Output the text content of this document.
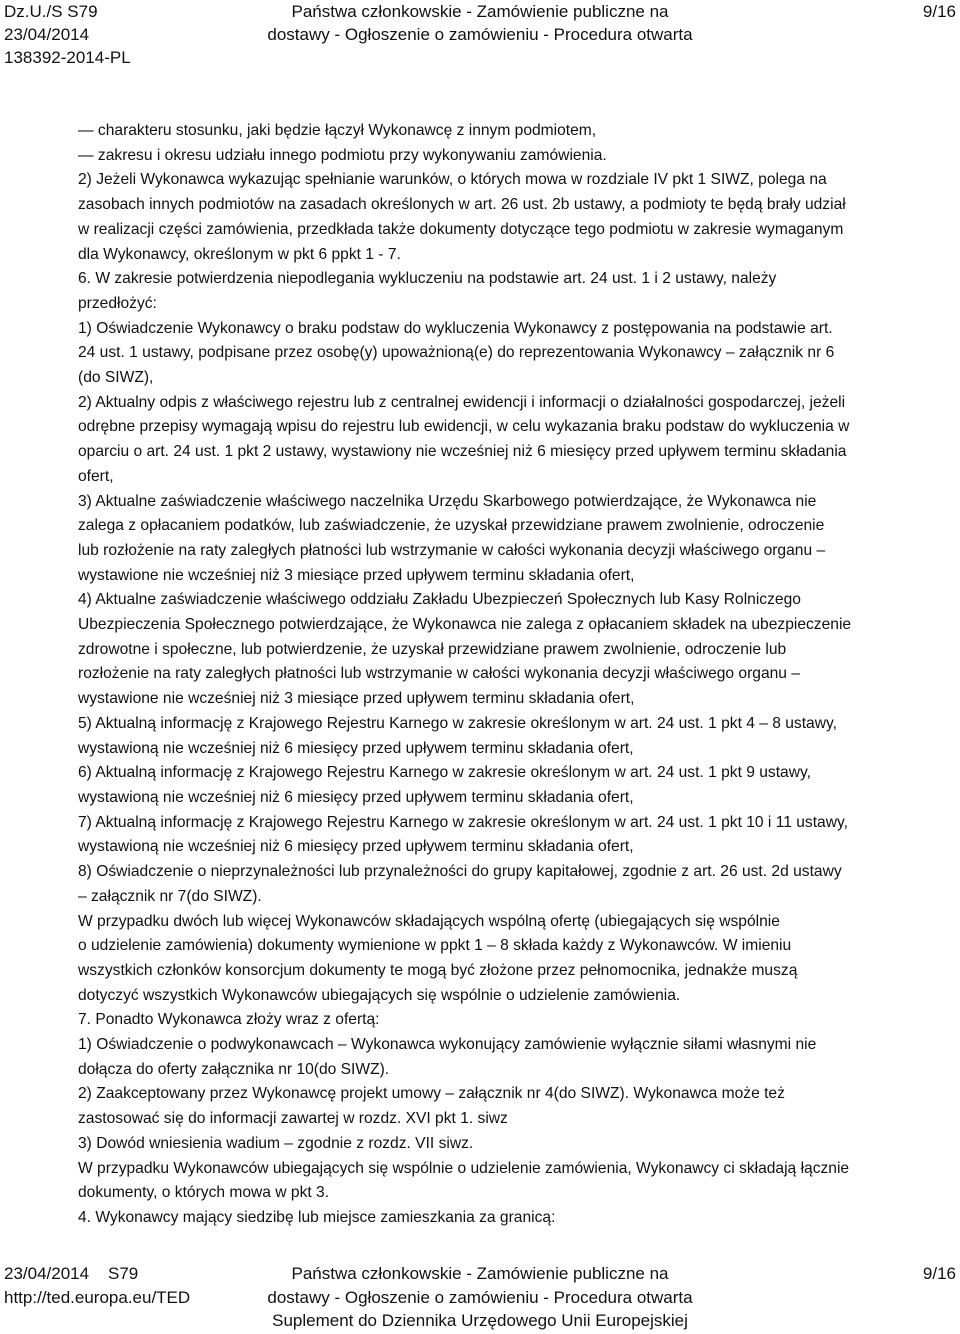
Dz.U./S S79
23/04/2014
138392-2014-PL
Państwa członkowskie - Zamówienie publiczne na
dostawy - Ogłoszenie o zamówieniu - Procedura otwarta
9/16

— charakteru stosunku, jaki będzie łączył Wykonawcę z innym podmiotem,

— zakresu i okresu udziału innego podmiotu przy wykonywaniu zamówienia.

2) Jeżeli Wykonawca wykazując spełnianie warunków, o których mowa w rozdziale IV pkt 1 SIWZ, polega na

zasobach innych podmiotów na zasadach określonych w art. 26 ust. 2b ustawy, a podmioty te będą brały udział

w realizacji części zamówienia, przedkłada także dokumenty dotyczące tego podmiotu w zakresie wymaganym

dla Wykonawcy, określonym w pkt 6 ppkt 1 - 7.

6. W zakresie potwierdzenia niepodlegania wykluczeniu na podstawie art. 24 ust. 1 i 2 ustawy, należy

przedłożyć:

1) Oświadczenie Wykonawcy o braku podstaw do wykluczenia Wykonawcy z postępowania na podstawie art.

24 ust. 1 ustawy, podpisane przez osobę(y) upoważnioną(e) do reprezentowania Wykonawcy – załącznik nr 6

(do SIWZ),

2) Aktualny odpis z właściwego rejestru lub z centralnej ewidencji i informacji o działalności gospodarczej, jeżeli

odrębne przepisy wymagają wpisu do rejestru lub ewidencji, w celu wykazania braku podstaw do wykluczenia w

oparciu o art. 24 ust. 1 pkt 2 ustawy, wystawiony nie wcześniej niż 6 miesięcy przed upływem terminu składania

ofert,

3) Aktualne zaświadczenie właściwego naczelnika Urzędu Skarbowego potwierdzające, że Wykonawca nie

zalega z opłacaniem podatków, lub zaświadczenie, że uzyskał przewidziane prawem zwolnienie, odroczenie

lub rozłożenie na raty zaległych płatności lub wstrzymanie w całości wykonania decyzji właściwego organu –

wystawione nie wcześniej niż 3 miesiące przed upływem terminu składania ofert,

4) Aktualne zaświadczenie właściwego oddziału Zakładu Ubezpieczeń Społecznych lub Kasy Rolniczego

Ubezpieczenia Społecznego potwierdzające, że Wykonawca nie zalega z opłacaniem składek na ubezpieczenie

zdrowotne i społeczne, lub potwierdzenie, że uzyskał przewidziane prawem zwolnienie, odroczenie lub

rozłożenie na raty zaległych płatności lub wstrzymanie w całości wykonania decyzji właściwego organu –

wystawione nie wcześniej niż 3 miesiące przed upływem terminu składania ofert,

5) Aktualną informację z Krajowego Rejestru Karnego w zakresie określonym w art. 24 ust. 1 pkt 4 – 8 ustawy,

wystawioną nie wcześniej niż 6 miesięcy przed upływem terminu składania ofert,

6) Aktualną informację z Krajowego Rejestru Karnego w zakresie określonym w art. 24 ust. 1 pkt 9 ustawy,

wystawioną nie wcześniej niż 6 miesięcy przed upływem terminu składania ofert,

7) Aktualną informację z Krajowego Rejestru Karnego w zakresie określonym w art. 24 ust. 1 pkt 10 i 11 ustawy,

wystawioną nie wcześniej niż 6 miesięcy przed upływem terminu składania ofert,

8) Oświadczenie o nieprzynależności lub przynależności do grupy kapitałowej, zgodnie z art. 26 ust. 2d ustawy

– załącznik nr 7(do SIWZ).

W przypadku dwóch lub więcej Wykonawców składających wspólną ofertę (ubiegających się wspólnie

o udzielenie zamówienia) dokumenty wymienione w ppkt 1 – 8 składa każdy z Wykonawców. W imieniu

wszystkich członków konsorcjum dokumenty te mogą być złożone przez pełnomocnika, jednakże muszą

dotyczyć wszystkich Wykonawców ubiegających się wspólnie o udzielenie zamówienia.

7. Ponadto Wykonawca złoży wraz z ofertą:

1) Oświadczenie o podwykonawcach – Wykonawca wykonujący zamówienie wyłącznie siłami własnymi nie

dołącza do oferty załącznika nr 10(do SIWZ).

2) Zaakceptowany przez Wykonawcę projekt umowy – załącznik nr 4(do SIWZ). Wykonawca może też

zastosować się do informacji zawartej w rozdz. XVI pkt 1. siwz

3) Dowód wniesienia wadium – zgodnie z rozdz. VII siwz.

W przypadku Wykonawców ubiegających się wspólnie o udzielenie zamówienia, Wykonawcy ci składają łącznie

dokumenty, o których mowa w pkt 3.

4. Wykonawcy mający siedzibę lub miejsce zamieszkania za granicą:

23/04/2014    S79
http://ted.europa.eu/TED
Państwa członkowskie - Zamówienie publiczne na
dostawy - Ogłoszenie o zamówieniu - Procedura otwarta
Suplement do Dziennika Urzędowego Unii Europejskiej
9/16
